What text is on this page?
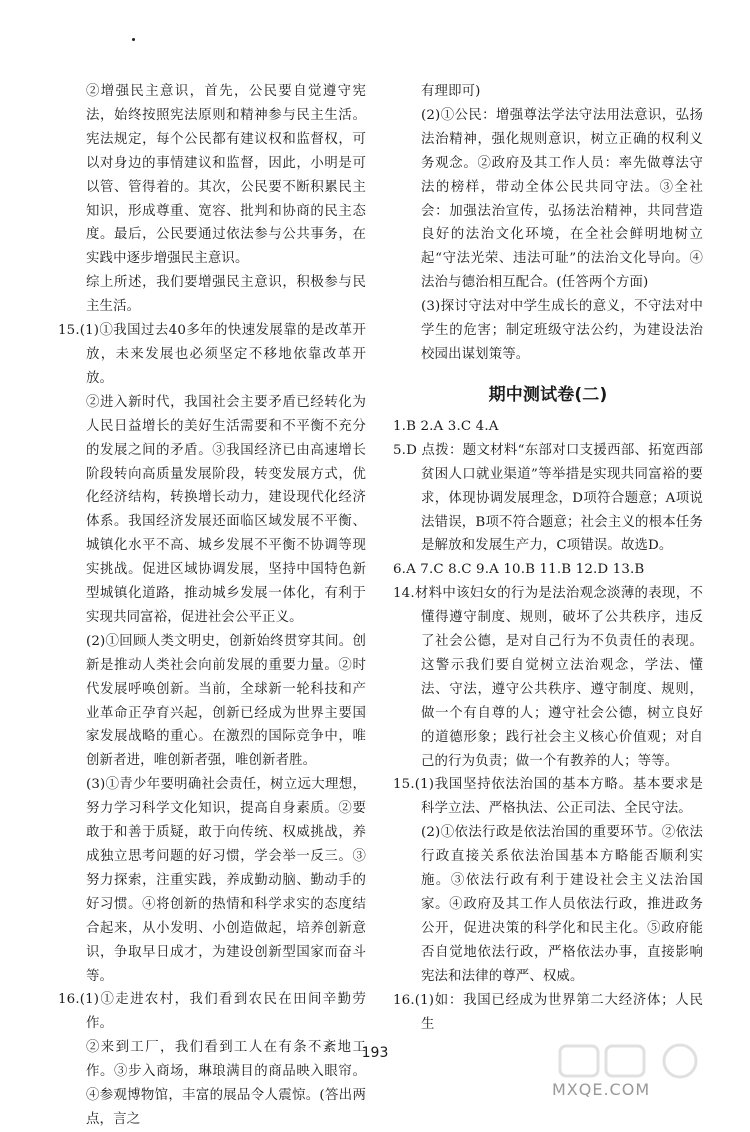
②增强民主意识，首先，公民要自觉遵守宪法，始终按照宪法原则和精神参与民主生活。宪法规定，每个公民都有建议权和监督权，可以对身边的事情建议和监督，因此，小明是可以管、管得着的。其次，公民要不断积累民主知识，形成尊重、宽容、批判和协商的民主态度。最后，公民要通过依法参与公共事务，在实践中逐步增强民主意识。

综上所述，我们要增强民主意识，积极参与民主生活。

15.(1)①我国过去40多年的快速发展靠的是改革开放，未来发展也必须坚定不移地依靠改革开放。

②进入新时代，我国社会主要矛盾已经转化为人民日益增长的美好生活需要和不平衡不充分的发展之间的矛盾。③我国经济已由高速增长阶段转向高质量发展阶段，转变发展方式，优化经济结构，转换增长动力，建设现代化经济体系。我国经济发展还面临区域发展不平衡、城镇化水平不高、城乡发展不平衡不协调等现实挑战。促进区域协调发展，坚持中国特色新型城镇化道路，推动城乡发展一体化，有利于实现共同富裕，促进社会公平正义。

(2)①回顾人类文明史，创新始终贯穿其间。创新是推动人类社会向前发展的重要力量。②时代发展呼唤创新。当前，全球新一轮科技和产业革命正孕育兴起，创新已经成为世界主要国家发展战略的重心。在激烈的国际竞争中，唯创新者进，唯创新者强，唯创新者胜。

(3)①青少年要明确社会责任，树立远大理想，努力学习科学文化知识，提高自身素质。②要敢于和善于质疑，敢于向传统、权威挑战，养成独立思考问题的好习惯，学会举一反三。③努力探索，注重实践，养成勤动脑、勤动手的好习惯。④将创新的热情和科学求实的态度结合起来，从小发明、小创造做起，培养创新意识，争取早日成才，为建设创新型国家而奋斗等。

16.(1)①走进农村，我们看到农民在田间辛勤劳作。

②来到工厂，我们看到工人在有条不紊地工作。③步入商场，琳琅满目的商品映入眼帘。④参观博物馆，丰富的展品令人震惊。(答出两点，言之

有理即可)

(2)①公民：增强尊法学法守法用法意识，弘扬法治精神，强化规则意识，树立正确的权利义务观念。②政府及其工作人员：率先做尊法守法的榜样，带动全体公民共同守法。③全社会：加强法治宣传，弘扬法治精神，共同营造良好的法治文化环境，在全社会鲜明地树立起“守法光荣、违法可耻”的法治文化导向。④法治与德治相互配合。(任答两个方面)

(3)探讨守法对中学生成长的意义，不守法对中学生的危害；制定班级守法公约，为建设法治校园出谋划策等。

期中测试卷(二)

1.B 2.A 3.C 4.A

5.D 点拨：题文材料“东部对口支援西部、拓宽西部贫困人口就业渠道”等举措是实现共同富裕的要求，体现协调发展理念，D项符合题意；A项说法错误，B项不符合题意；社会主义的根本任务是解放和发展生产力，C项错误。故选D。

6.A 7.C 8.C 9.A 10.B 11.B 12.D 13.B

14.材料中该妇女的行为是法治观念淡薄的表现，不懂得遵守制度、规则，破坏了公共秩序，违反了社会公德，是对自己行为不负责任的表现。这警示我们要自觉树立法治观念，学法、懂法、守法，遵守公共秩序、遵守制度、规则，做一个有自尊的人；遵守社会公德，树立良好的道德形象；践行社会主义核心价值观；对自己的行为负责；做一个有教养的人；等等。

15.(1)我国坚持依法治国的基本方略。基本要求是科学立法、严格执法、公正司法、全民守法。

(2)①依法行政是依法治国的重要环节。②依法行政直接关系依法治国基本方略能否顺利实施。③依法行政有利于建设社会主义法治国家。④政府及其工作人员依法行政，推进政务公开，促进决策的科学化和民主化。⑤政府能否自觉地依法行政，严格依法办事，直接影响宪法和法律的尊严、权威。

16.(1)如：我国已经成为世界第二大经济体；人民生

193
MXQE.COM
